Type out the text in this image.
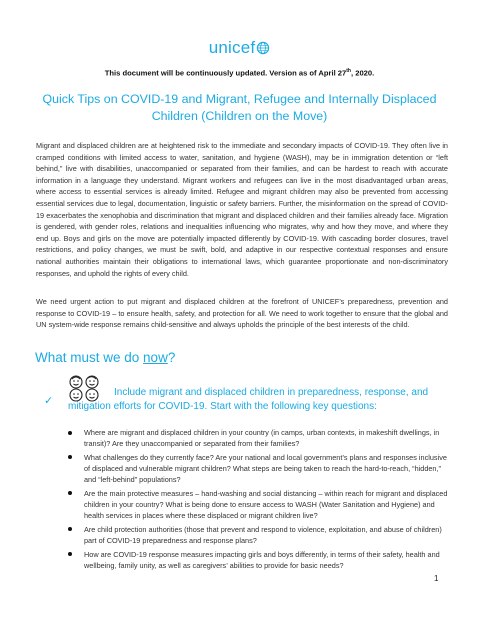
unicef
This document will be continuously updated. Version as of April 27th, 2020.
Quick Tips on COVID-19 and Migrant, Refugee and Internally Displaced Children (Children on the Move)

Migrant and displaced children are at heightened risk to the immediate and secondary impacts of COVID-19. They often live in cramped conditions with limited access to water, sanitation, and hygiene (WASH), may be in immigration detention or “left behind,” live with disabilities, unaccompanied or separated from their families, and can be hardest to reach with accurate information in a language they understand. Migrant workers and refugees can live in the most disadvantaged urban areas, where access to essential services is already limited. Refugee and migrant children may also be prevented from accessing essential services due to legal, documentation, linguistic or safety barriers. Further, the misinformation on the spread of COVID-19 exacerbates the xenophobia and discrimination that migrant and displaced children and their families already face. Migration is gendered, with gender roles, relations and inequalities influencing who migrates, why and how they move, and where they end up. Boys and girls on the move are potentially impacted differently by COVID-19. With cascading border closures, travel restrictions, and policy changes, we must be swift, bold, and adaptive in our respective contextual responses and ensure national authorities maintain their obligations to international laws, which guarantee proportionate and non-discriminatory responses, and uphold the rights of every child.

We need urgent action to put migrant and displaced children at the forefront of UNICEF’s preparedness, prevention and response to COVID-19 – to ensure health, safety, and protection for all. We need to work together to ensure that the global and UN system-wide response remains child-sensitive and always upholds the principle of the best interests of the child.

What must we do now?
✓

Include migrant and displaced children in preparedness, response, and mitigation efforts for COVID-19. Start with the following key questions:

Where are migrant and displaced children in your country (in camps, urban contexts, in makeshift dwellings, in transit)? Are they unaccompanied or separated from their families?
What challenges do they currently face? Are your national and local government’s plans and responses inclusive of displaced and vulnerable migrant children? What steps are being taken to reach the hard-to-reach, “hidden,” and “left-behind” populations?
Are the main protective measures – hand-washing and social distancing – within reach for migrant and displaced children in your country? What is being done to ensure access to WASH (Water Sanitation and Hygiene) and health services in places where these displaced or migrant children live?
Are child protection authorities (those that prevent and respond to violence, exploitation, and abuse of children) part of COVID-19 preparedness and response plans?
How are COVID-19 response measures impacting girls and boys differently, in terms of their safety, health and wellbeing, family unity, as well as caregivers’ abilities to provide for basic needs?
1
